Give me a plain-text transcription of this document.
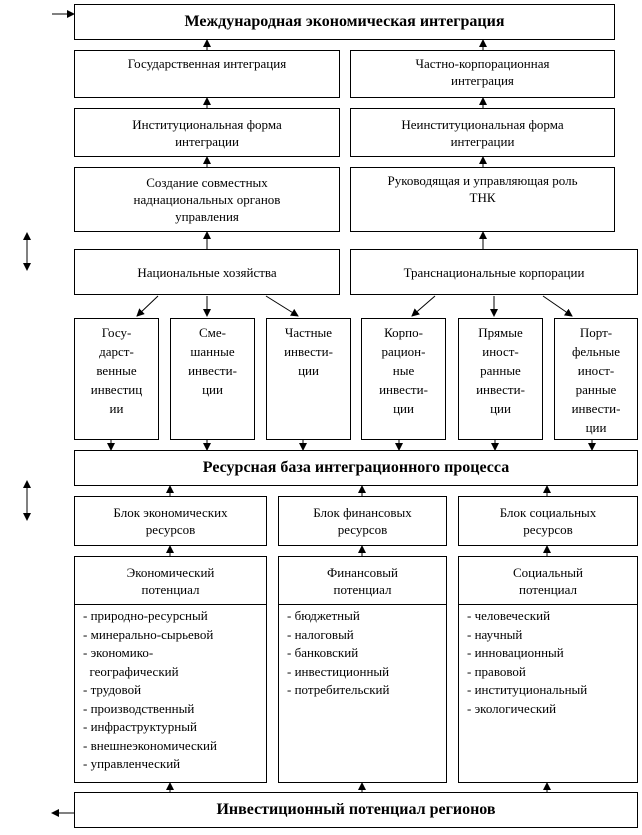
Международная экономическая интеграция
Государственная интеграция	Частно-корпорационная
интеграция
Институциональная форма
интеграции
Неинституциональная форма
интеграции
Создание совместных
наднациональных органов
управления
Руководящая и управляющая роль
ТНК
Национальные хозяйства	Транснациональные корпорации
Госу-
дарст-
венные
инвестиц
ии
Сме-
шанные
инвести-
ции
Частные
инвести-
ции
Корпо-
рацион-
ные
инвести-
ции
Прямые
иност-
ранные
инвести-
ции
Порт-
фельные
иност-
ранные
инвести-
ции
Ресурсная база интеграционного процесса
Блок экономических
ресурсов
Блок финансовых
ресурсов
Блок социальных
ресурсов
Экономический
потенциал
- природно-ресурсный
- минерально-сырьевой
- экономико-
географический
- трудовой
- производственный
- инфраструктурный
- внешнеэкономический
- управленческий
Финансовый
потенциал
- бюджетный
- налоговый
- банковский
- инвестиционный
- потребительский
Социальный
потенциал
- человеческий
- научный
- инновационный
- правовой
- институциональный
- экологический
Инвестиционный потенциал регионов
